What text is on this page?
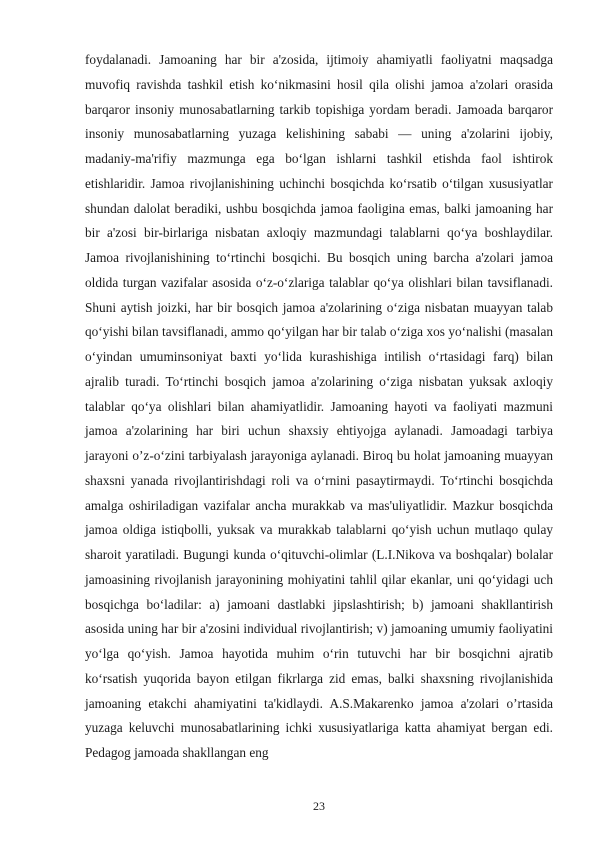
foydalanadi. Jamoaning har bir a'zosida, ijtimoiy ahamiyatli faoliyatni maqsadga muvofiq ravishda tashkil etish ko‘nikmasini hosil qila olishi jamoa a'zolari orasida barqaror insoniy munosabatlarning tarkib topishiga yordam beradi. Jamoada barqaror insoniy munosabatlarning yuzaga kelishining sababi — uning a'zolarini ijobiy, madaniy-ma'rifiy mazmunga ega bo‘lgan ishlarni tashkil etishda faol ishtirok etishlaridir. Jamoa rivojlanishining uchinchi bosqichda ko‘rsatib o‘tilgan xususiyatlar shundan dalolat beradiki, ushbu bosqichda jamoa faoligina emas, balki jamoaning har bir a'zosi bir-birlariga nisbatan axloqiy mazmundagi talablarni qo‘ya boshlaydilar. Jamoa rivojlanishining to‘rtinchi bosqichi. Bu bosqich uning barcha a'zolari jamoa oldida turgan vazifalar asosida o‘z-o‘zlariga talablar qo‘ya olishlari bilan tavsiflanadi. Shuni aytish joizki, har bir bosqich jamoa a'zolarining o‘ziga nisbatan muayyan talab qo‘yishi bilan tavsiflanadi, ammo qo‘yilgan har bir talab o‘ziga xos yo‘nalishi (masalan o‘yindan umuminsoniyat baxti yo‘lida kurashishiga intilish o‘rtasidagi farq) bilan ajralib turadi. To‘rtinchi bosqich jamoa a'zolarining o‘ziga nisbatan yuksak axloqiy talablar qo‘ya olishlari bilan ahamiyatlidir. Jamoaning hayoti va faoliyati mazmuni jamoa a'zolarining har biri uchun shaxsiy ehtiyojga aylanadi. Jamoadagi tarbiya jarayoni o’z-o‘zini tarbiyalash jarayoniga aylanadi. Biroq bu holat jamoaning muayyan shaxsni yanada rivojlantirishdagi roli va o‘rnini pasaytirmaydi. To‘rtinchi bosqichda amalga oshiriladigan vazifalar ancha murakkab va mas'uliyatlidir. Mazkur bosqichda jamoa oldiga istiqbolli, yuksak va murakkab talablarni qo‘yish uchun mutlaqo qulay sharoit yaratiladi. Bugungi kunda o‘qituvchi-olimlar (L.I.Nikova va boshqalar) bolalar jamoasining rivojlanish jarayonining mohiyatini tahlil qilar ekanlar, uni qo‘yidagi uch bosqichga bo‘ladilar: a) jamoani dastlabki jipslashtirish; b) jamoani shakllantirish asosida uning har bir a'zosini individual rivojlantirish; v) jamoaning umumiy faoliyatini yo‘lga qo‘yish. Jamoa hayotida muhim o‘rin tutuvchi har bir bosqichni ajratib ko‘rsatish yuqorida bayon etilgan fikrlarga zid emas, balki shaxsning rivojlanishida jamoaning etakchi ahamiyatini ta'kidlaydi. A.S.Makarenko jamoa a'zolari o’rtasida yuzaga keluvchi munosabatlarining ichki xususiyatlariga katta ahamiyat bergan edi. Pedagog jamoada shakllangan eng

23
